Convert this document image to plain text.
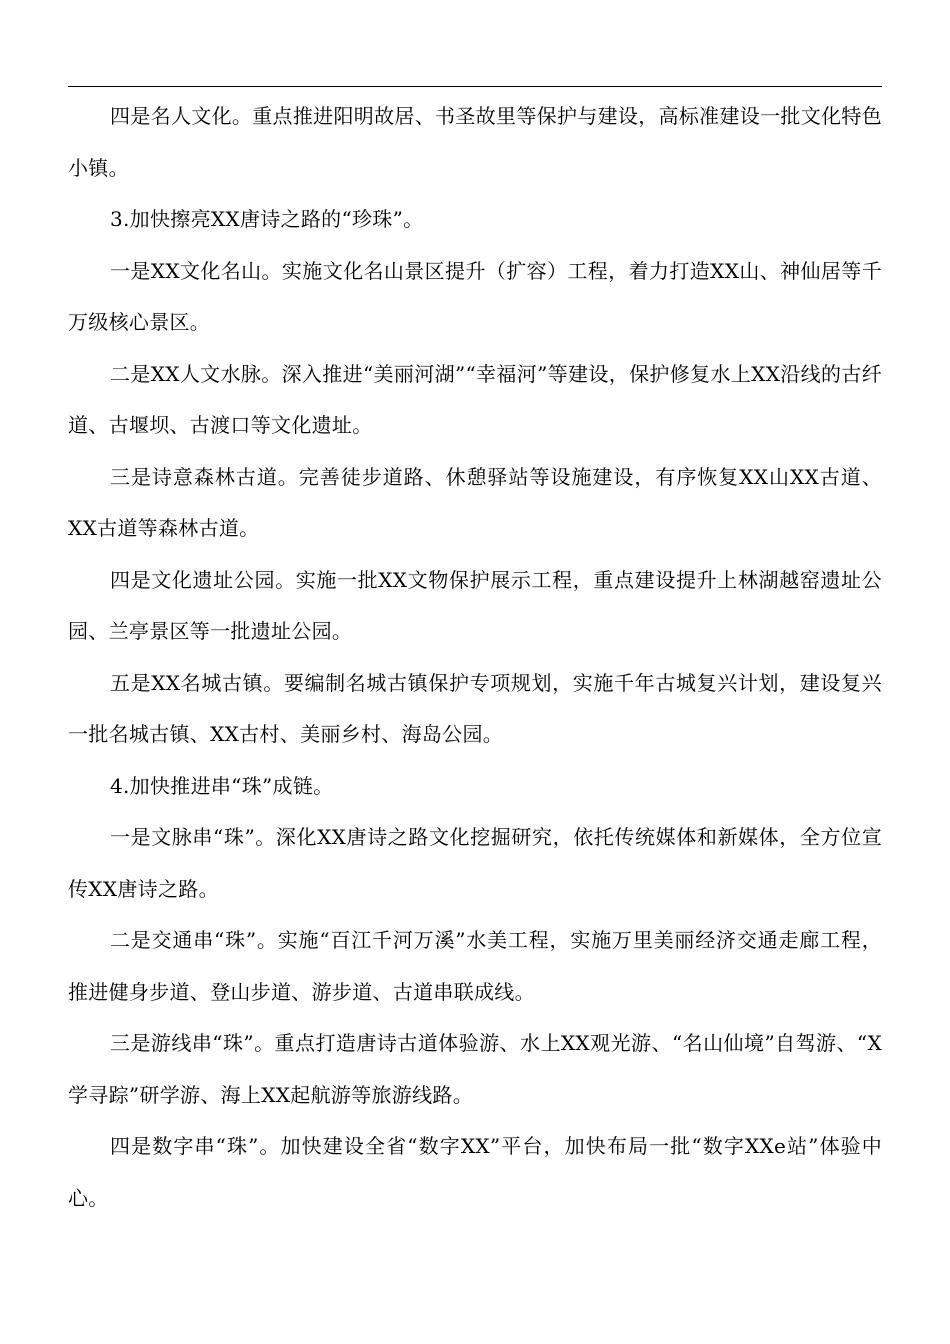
四是名人文化。重点推进阳明故居、书圣故里等保护与建设，高标准建设一批文化特色小镇。

3.加快擦亮XX唐诗之路的“珍珠”。

一是XX文化名山。实施文化名山景区提升（扩容）工程，着力打造XX山、神仙居等千万级核心景区。

二是XX人文水脉。深入推进“美丽河湖”“幸福河”等建设，保护修复水上XX沿线的古纤道、古堰坝、古渡口等文化遗址。

三是诗意森林古道。完善徒步道路、休憩驿站等设施建设，有序恢复XX山XX古道、XX古道等森林古道。

四是文化遗址公园。实施一批XX文物保护展示工程，重点建设提升上林湖越窑遗址公园、兰亭景区等一批遗址公园。

五是XX名城古镇。要编制名城古镇保护专项规划，实施千年古城复兴计划，建设复兴一批名城古镇、XX古村、美丽乡村、海岛公园。

4.加快推进串“珠”成链。

一是文脉串“珠”。深化XX唐诗之路文化挖掘研究，依托传统媒体和新媒体，全方位宣传XX唐诗之路。

二是交通串“珠”。实施“百江千河万溪”水美工程，实施万里美丽经济交通走廊工程，推进健身步道、登山步道、游步道、古道串联成线。

三是游线串“珠”。重点打造唐诗古道体验游、水上XX观光游、“名山仙境”自驾游、“X学寻踪”研学游、海上XX起航游等旅游线路。

四是数字串“珠”。加快建设全省“数字XX”平台，加快布局一批“数字XXe站”体验中心。
